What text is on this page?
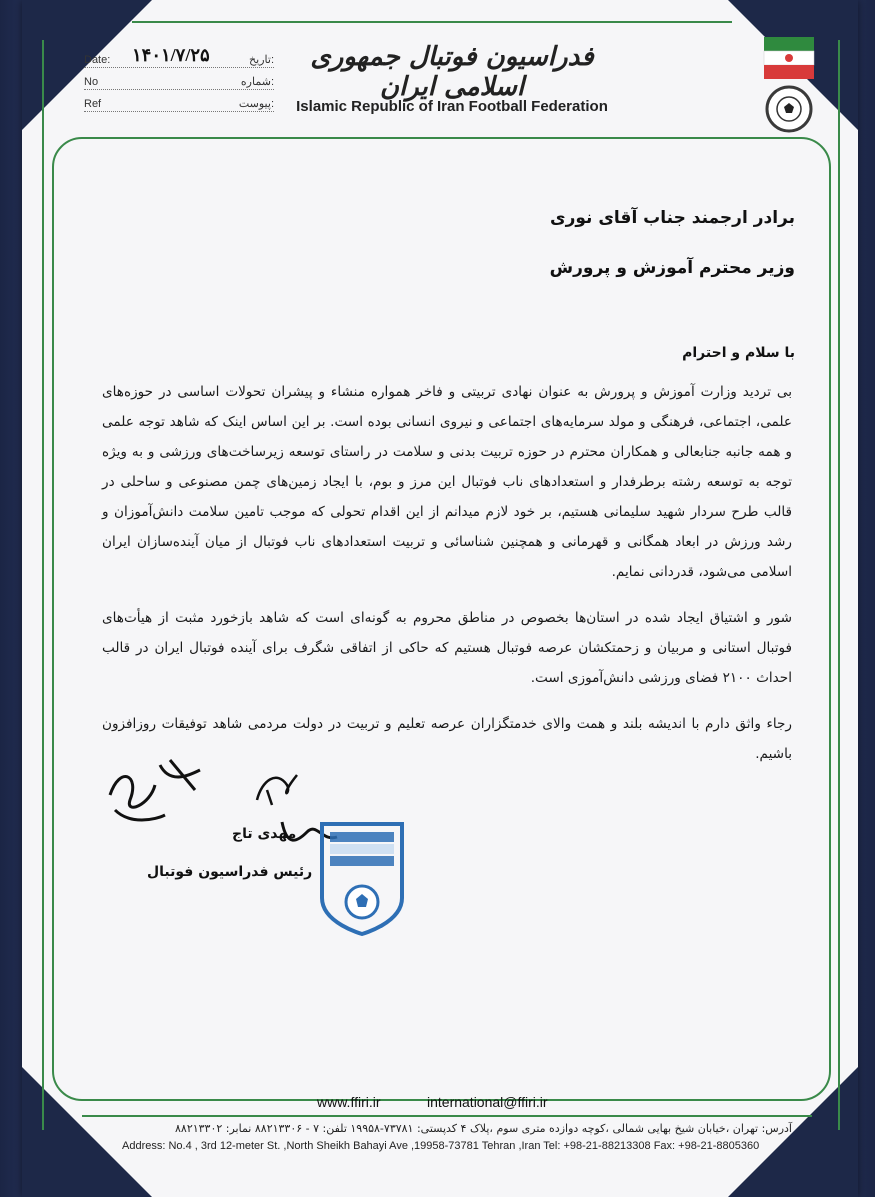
فدراسیون فوتبال جمهوری اسلامی ایران
Islamic Republic of Iran Football Federation
Date: ۱۴۰۱/۷/۲۵	تاریخ:
No	شماره:
Ref	پیوست:
برادر ارجمند جناب آقای نوری
وزیر محترم آموزش و پرورش
با سلام و احترام
بی تردید وزارت آموزش و پرورش به عنوان نهادی تربیتی و فاخر همواره منشاء و پیشران تحولات اساسی در حوزه‌های علمی، اجتماعی، فرهنگی و مولد سرمایه‌های اجتماعی و نیروی انسانی بوده است. بر این اساس اینک که شاهد توجه علمی و همه جانبه جنابعالی و همکاران محترم در حوزه تربیت بدنی و سلامت در راستای توسعه زیرساخت‌های ورزشی و به ویژه توجه به توسعه رشته برطرفدار و استعدادهای ناب فوتبال این مرز و بوم، با ایجاد زمین‌های چمن مصنوعی و ساحلی در قالب طرح سردار شهید سلیمانی هستیم، بر خود لازم میدانم از این اقدام تحولی که موجب تامین سلامت دانش‌آموزان و رشد ورزش در ابعاد همگانی و قهرمانی و همچنین شناسائی و تربیت استعدادهای ناب فوتبال از میان آینده‌سازان ایران اسلامی می‌شود، قدردانی نمایم.
شور و اشتیاق ایجاد شده در استان‌ها بخصوص در مناطق محروم به گونه‌ای است که شاهد بازخورد مثبت از هیأت‌های فوتبال استانی و مربیان و زحمتکشان عرصه فوتبال هستیم که حاکی از اتفاقی شگرف برای آینده فوتبال ایران در قالب احداث ۲۱۰۰ فضای ورزشی دانش‌آموزی است.
رجاء واثق دارم با اندیشه بلند و همت والای خدمتگزاران عرصه تعلیم و تربیت در دولت مردمی شاهد توفیقات روزافزون باشیم.
مهدی تاج
رئیس فدراسیون فوتبال
www.ffiri.ir	international@ffiri.ir
آدرس: تهران ،خیابان شیخ بهایی شمالی ،کوچه دوازده متری سوم ،پلاک ۴ کدپستی: ۷۳۷۸۱-۱۹۹۵۸ تلفن: ۷ - ۸۸۲۱۳۳۰۶ نمابر: ۸۸۲۱۳۳۰۲
Address: No.4 , 3rd 12-meter St. ,North Sheikh Bahayi Ave ,19958-73781 Tehran ,Iran Tel: +98-21-88213308 Fax: +98-21-8805360
